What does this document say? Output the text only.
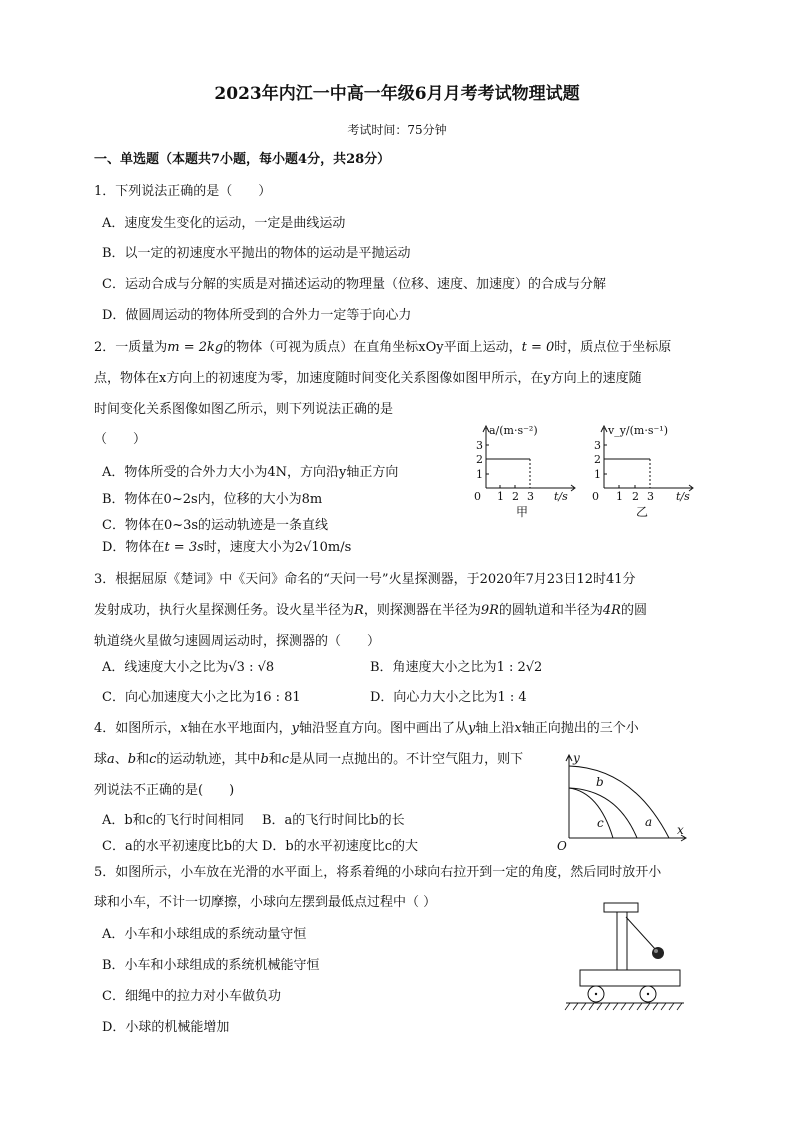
2023年内江一中高一年级6月月考考试物理试题
考试时间：75分钟
一、单选题（本题共7小题，每小题4分，共28分）
1．下列说法正确的是（　　）
A．速度发生变化的运动，一定是曲线运动
B．以一定的初速度水平抛出的物体的运动是平抛运动
C．运动合成与分解的实质是对描述运动的物理量（位移、速度、加速度）的合成与分解
D．做圆周运动的物体所受到的合外力一定等于向心力
2．一质量为m = 2kg的物体（可视为质点）在直角坐标xOy平面上运动，t = 0时，质点位于坐标原
点，物体在x方向上的初速度为零，加速度随时间变化关系图像如图甲所示，在y方向上的速度随
时间变化关系图像如图乙所示，则下列说法正确的是
（　　）
A．物体所受的合外力大小为4N，方向沿y轴正方向
B．物体在0~2s内，位移的大小为8m
C．物体在0~3s的运动轨迹是一条直线
D．物体在t = 3s时，速度大小为2√10m/s
a/(m·s⁻²)
3
2
1
0 1 2 3 t/s
甲
v_y/(m·s⁻¹)
3
2
1
0 1 2 3 t/s
乙
3．根据屈原《楚词》中《天问》命名的“天问一号”火星探测器，于2020年7月23日12时41分
发射成功，执行火星探测任务。设火星半径为R，则探测器在半径为9R的圆轨道和半径为4R的圆
轨道绕火星做匀速圆周运动时，探测器的（　　）
A．线速度大小之比为√3 : √8	B．角速度大小之比为1 : 2√2
C．向心加速度大小之比为16 : 81	D．向心力大小之比为1 : 4
4．如图所示，x轴在水平地面内，y轴沿竖直方向。图中画出了从y轴上沿x轴正向抛出的三个小
球a、b和c的运动轨迹，其中b和c是从同一点抛出的。不计空气阻力，则下
列说法不正确的是(　　)
A．b和c的飞行时间相同 B．a的飞行时间比b的长
C．a的水平初速度比b的大 D．b的水平初速度比c的大
y
x
O
a
b
c
5．如图所示，小车放在光滑的水平面上，将系着绳的小球向右拉开到一定的角度，然后同时放开小
球和小车，不计一切摩擦，小球向左摆到最低点过程中（ ）
A．小车和小球组成的系统动量守恒
B．小车和小球组成的系统机械能守恒
C．细绳中的拉力对小车做负功
D．小球的机械能增加
